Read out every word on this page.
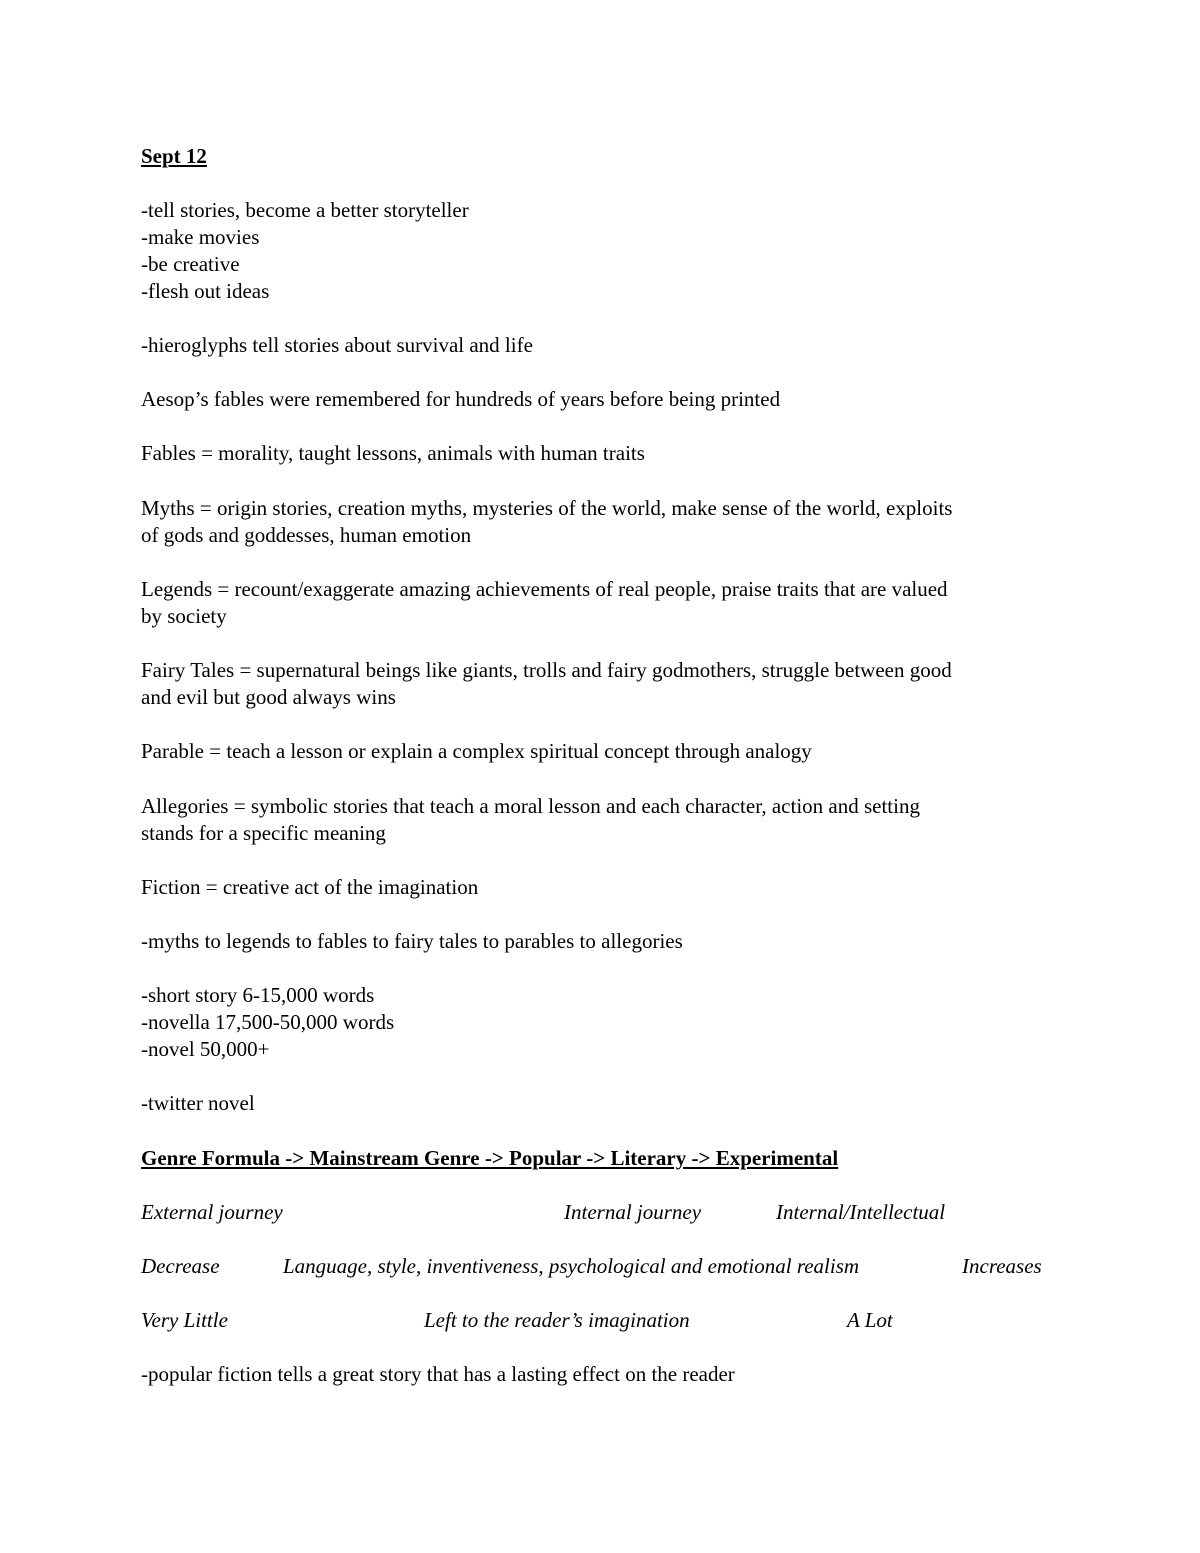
Sept 12
-tell stories, become a better storyteller
-make movies
-be creative
-flesh out ideas
-hieroglyphs tell stories about survival and life
Aesop’s fables were remembered for hundreds of years before being printed
Fables = morality, taught lessons, animals with human traits
Myths = origin stories, creation myths, mysteries of the world, make sense of the world, exploits
of gods and goddesses, human emotion
Legends = recount/exaggerate amazing achievements of real people, praise traits that are valued
by society
Fairy Tales = supernatural beings like giants, trolls and fairy godmothers, struggle between good
and evil but good always wins
Parable = teach a lesson or explain a complex spiritual concept through analogy
Allegories = symbolic stories that teach a moral lesson and each character, action and setting
stands for a specific meaning
Fiction = creative act of the imagination
-myths to legends to fables to fairy tales to parables to allegories
-short story 6-15,000 words
-novella 17,500-50,000 words
-novel 50,000+
-twitter novel
Genre Formula -> Mainstream Genre -> Popular -> Literary -> Experimental
External journey	Internal journey	Internal/Intellectual
Decrease	Language, style, inventiveness, psychological and emotional realism	Increases
Very Little	Left to the reader’s imagination	A Lot
-popular fiction tells a great story that has a lasting effect on the reader
